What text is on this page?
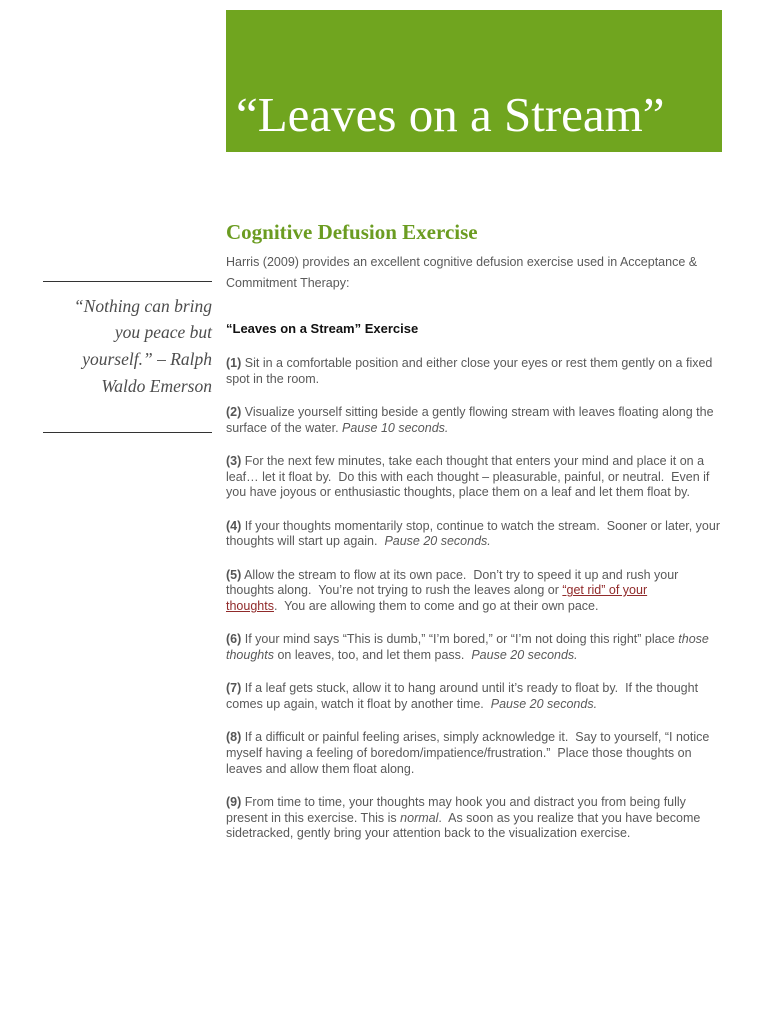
“Leaves on a Stream”

“Nothing can bring you peace but yourself.” – Ralph Waldo Emerson

Cognitive Defusion Exercise

Harris (2009) provides an excellent cognitive defusion exercise used in Acceptance & Commitment Therapy:

“Leaves on a Stream” Exercise

(1) Sit in a comfortable position and either close your eyes or rest them gently on a fixed
spot in the room.

(2) Visualize yourself sitting beside a gently flowing stream with leaves floating along the
surface of the water. Pause 10 seconds.

(3) For the next few minutes, take each thought that enters your mind and place it on a
leaf… let it float by.  Do this with each thought – pleasurable, painful, or neutral.  Even if
you have joyous or enthusiastic thoughts, place them on a leaf and let them float by.

(4) If your thoughts momentarily stop, continue to watch the stream.  Sooner or later, your
thoughts will start up again. Pause 20 seconds.

(5) Allow the stream to flow at its own pace.  Don’t try to speed it up and rush your
thoughts along.  You’re not trying to rush the leaves along or “get rid” of your
thoughts.  You are allowing them to come and go at their own pace.

(6) If your mind says “This is dumb,” “I’m bored,” or “I’m not doing this right” place those
thoughts on leaves, too, and let them pass. Pause 20 seconds.

(7) If a leaf gets stuck, allow it to hang around until it’s ready to float by.  If the thought
comes up again, watch it float by another time. Pause 20 seconds.

(8) If a difficult or painful feeling arises, simply acknowledge it.  Say to yourself, “I notice
myself having a feeling of boredom/impatience/frustration.”  Place those thoughts on
leaves and allow them float along.

(9) From time to time, your thoughts may hook you and distract you from being fully
present in this exercise. This is normal.  As soon as you realize that you have become
sidetracked, gently bring your attention back to the visualization exercise.
